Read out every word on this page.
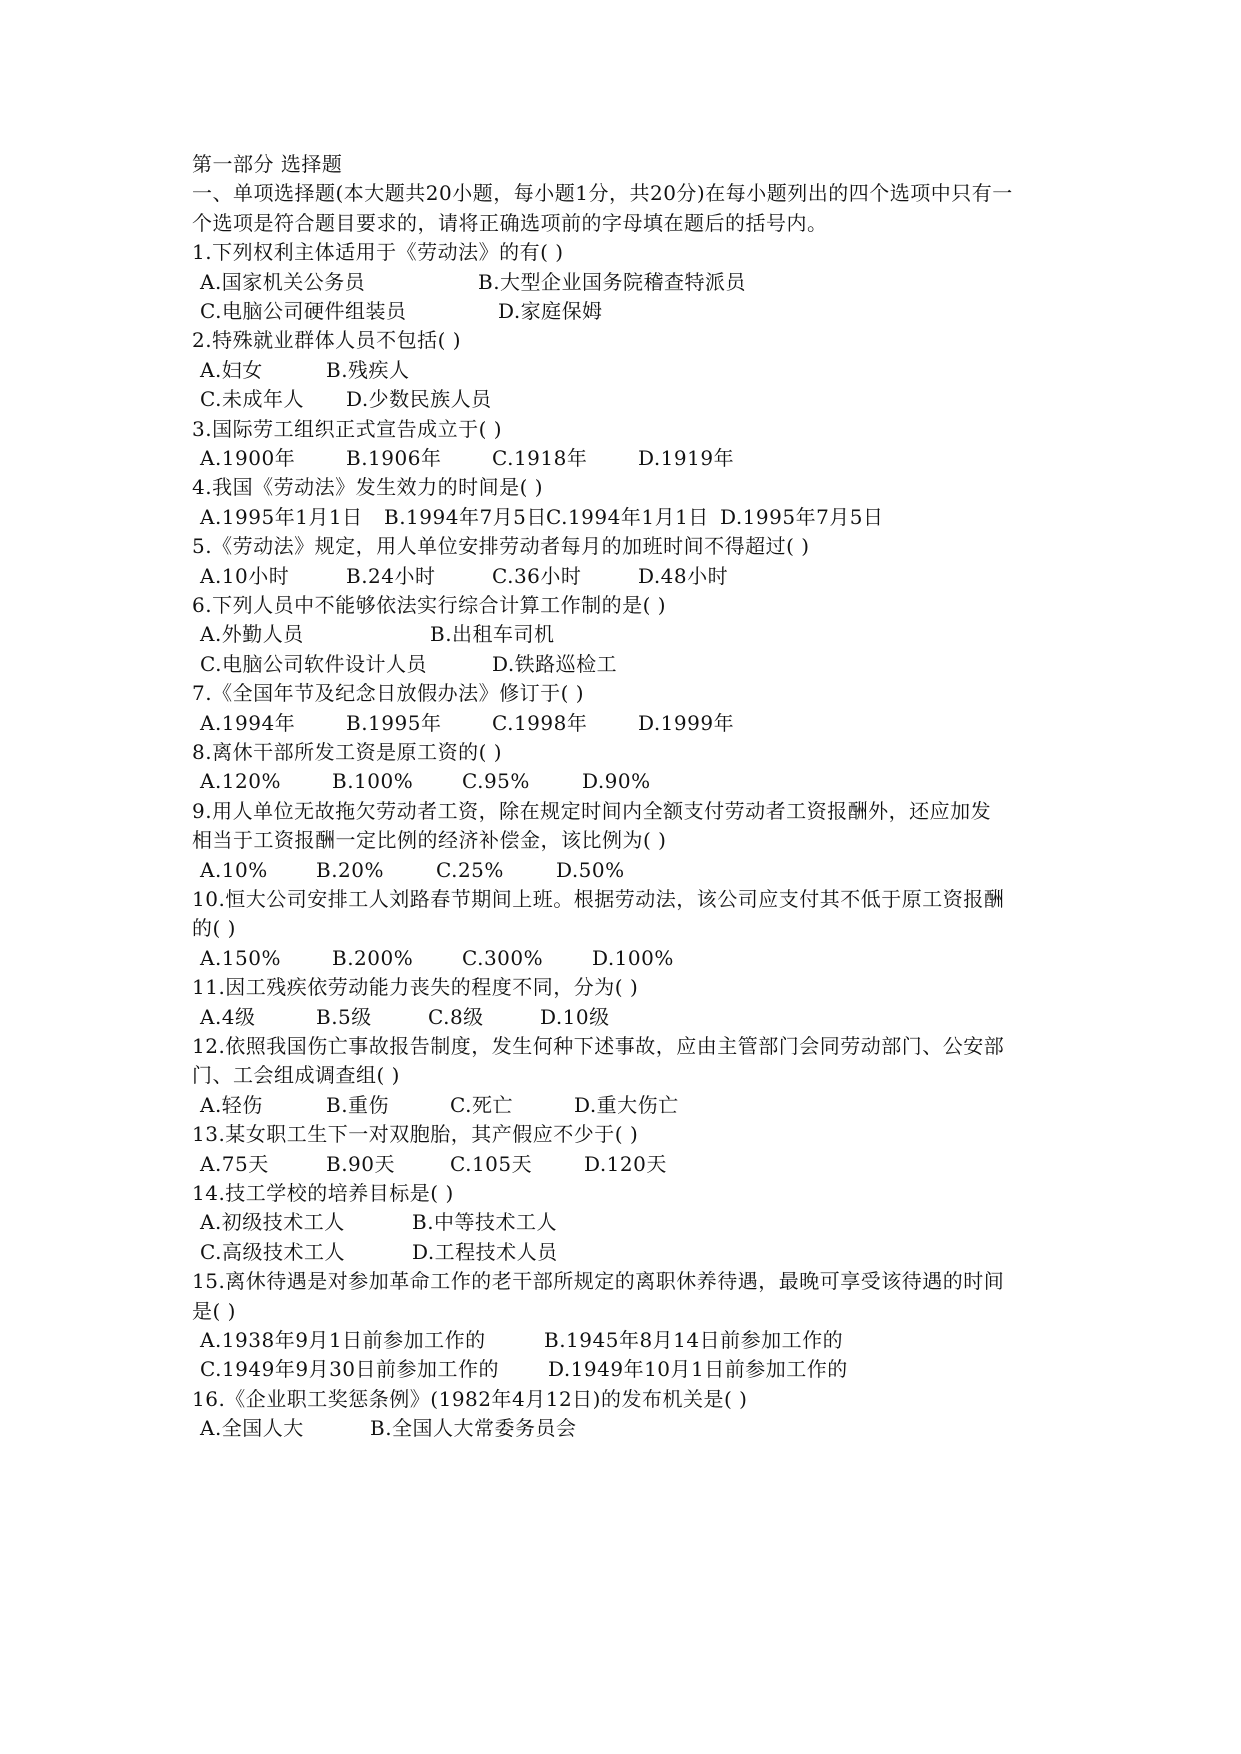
第一部分 选择题
一、单项选择题(本大题共20小题，每小题1分，共20分)在每小题列出的四个选项中只有一
个选项是符合题目要求的，请将正确选项前的字母填在题后的括号内。
1.下列权利主体适用于《劳动法》的有( )
A.国家机关公务员	B.大型企业国务院稽查特派员
C.电脑公司硬件组装员	D.家庭保姆
2.特殊就业群体人员不包括( )
A.妇女	B.残疾人
C.未成年人 D.少数民族人员
3.国际劳工组织正式宣告成立于( )
A.1900年	B.1906年	C.1918年	D.1919年
4.我国《劳动法》发生效力的时间是( )
A.1995年1月1日 B.1994年7月5日 C.1994年1月1日 D.1995年7月5日
5.《劳动法》规定，用人单位安排劳动者每月的加班时间不得超过( )
A.10小时	B.24小时	C.36小时	D.48小时
6.下列人员中不能够依法实行综合计算工作制的是( )
A.外勤人员	B.出租车司机
C.电脑公司软件设计人员	D.铁路巡检工
7.《全国年节及纪念日放假办法》修订于( )
A.1994年	B.1995年	C.1998年	D.1999年
8.离休干部所发工资是原工资的( )
A.120%	B.100% C.95%	D.90%
9.用人单位无故拖欠劳动者工资，除在规定时间内全额支付劳动者工资报酬外，还应加发
相当于工资报酬一定比例的经济补偿金，该比例为( )
A.10% B.20%	C.25%	D.50%
10.恒大公司安排工人刘路春节期间上班。根据劳动法，该公司应支付其不低于原工资报酬
的( )
A.150%	B.200% C.300% D.100%
11.因工残疾依劳动能力丧失的程度不同，分为( )
A.4级	B.5级	C.8级	D.10级
12.依照我国伤亡事故报告制度，发生何种下述事故，应由主管部门会同劳动部门、公安部
门、工会组成调查组( )
A.轻伤	B.重伤	C.死亡	D.重大伤亡
13.某女职工生下一对双胞胎，其产假应不少于( )
A.75天	B.90天	C.105天	D.120天
14.技工学校的培养目标是( )
A.初级技术工人	B.中等技术工人
C.高级技术工人	D.工程技术人员
15.离休待遇是对参加革命工作的老干部所规定的离职休养待遇，最晚可享受该待遇的时间
是( )
A.1938年9月1日前参加工作的	B.1945年8月14日前参加工作的
C.1949年9月30日前参加工作的 D.1949年10月1日前参加工作的
16.《企业职工奖惩条例》(1982年4月12日)的发布机关是( )
A.全国人大	B.全国人大常委务员会
